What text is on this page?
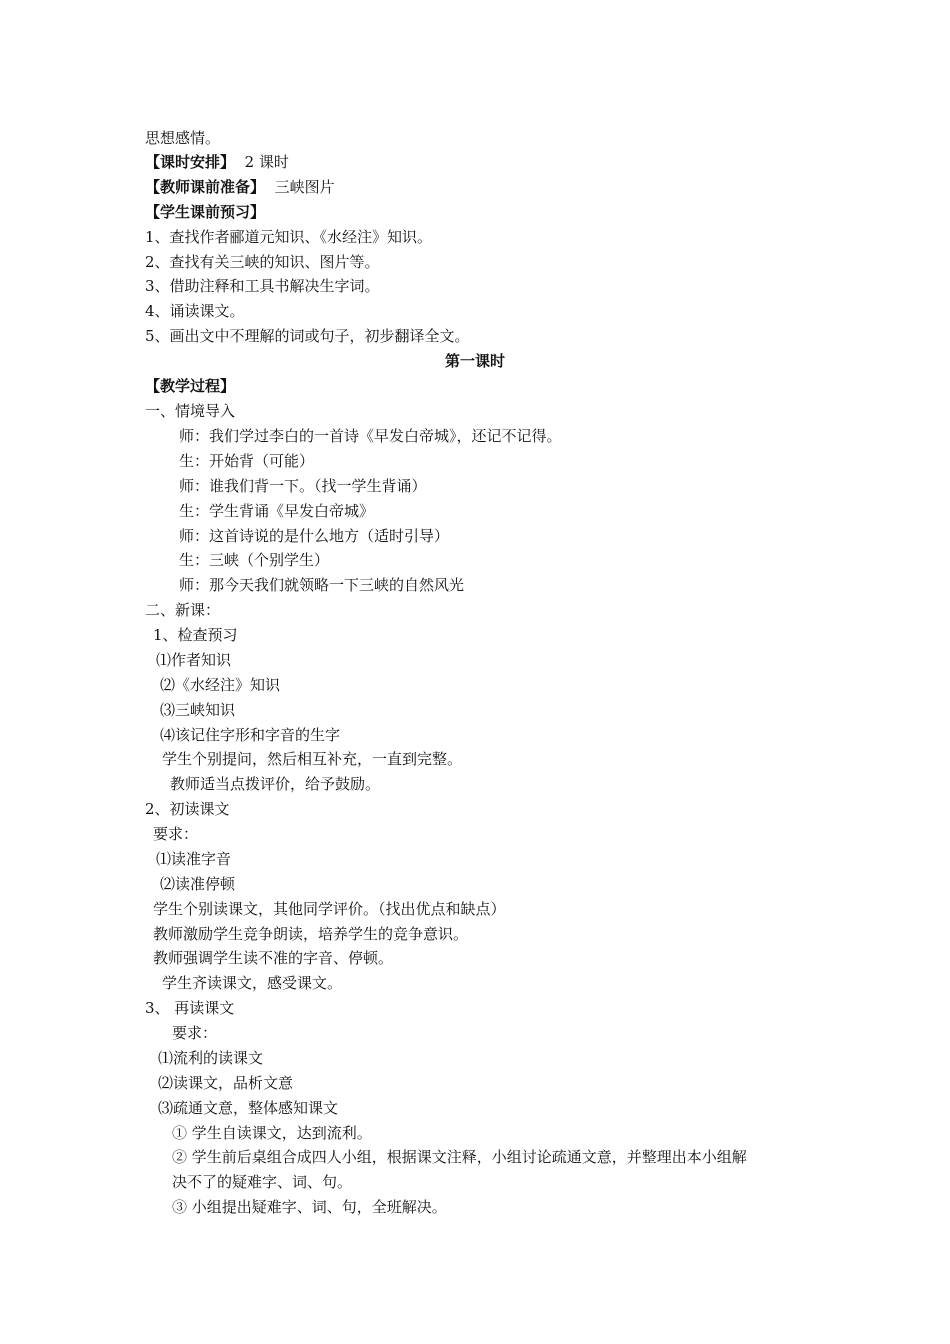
思想感情。
【课时安排】 2 课时
【教师课前准备】 三峡图片
【学生课前预习】
1、查找作者郦道元知识、《水经注》知识。
2、查找有关三峡的知识、图片等。
3、借助注释和工具书解决生字词。
4、诵读课文。
5、画出文中不理解的词或句子，初步翻译全文。
第一课时
【教学过程】
一、情境导入
师：我们学过李白的一首诗《早发白帝城》，还记不记得。
生：开始背（可能）
师：谁我们背一下。（找一学生背诵）
生：学生背诵《早发白帝城》
师：这首诗说的是什么地方（适时引导）
生：三峡（个别学生）
师：那今天我们就领略一下三峡的自然风光
二、新课：
1、检查预习
⑴作者知识
⑵《水经注》知识
⑶三峡知识
⑷该记住字形和字音的生字
学生个别提问，然后相互补充，一直到完整。
教师适当点拨评价，给予鼓励。
2、初读课文
要求：
⑴读准字音
⑵读准停顿
学生个别读课文，其他同学评价。（找出优点和缺点）
教师激励学生竞争朗读，培养学生的竞争意识。
教师强调学生读不准的字音、停顿。
学生齐读课文，感受课文。
3、 再读课文
要求：
⑴流利的读课文
⑵读课文，品析文意
⑶疏通文意，整体感知课文
① 学生自读课文，达到流利。
② 学生前后桌组合成四人小组，根据课文注释，小组讨论疏通文意，并整理出本小组解
决不了的疑难字、词、句。
③ 小组提出疑难字、词、句，全班解决。
